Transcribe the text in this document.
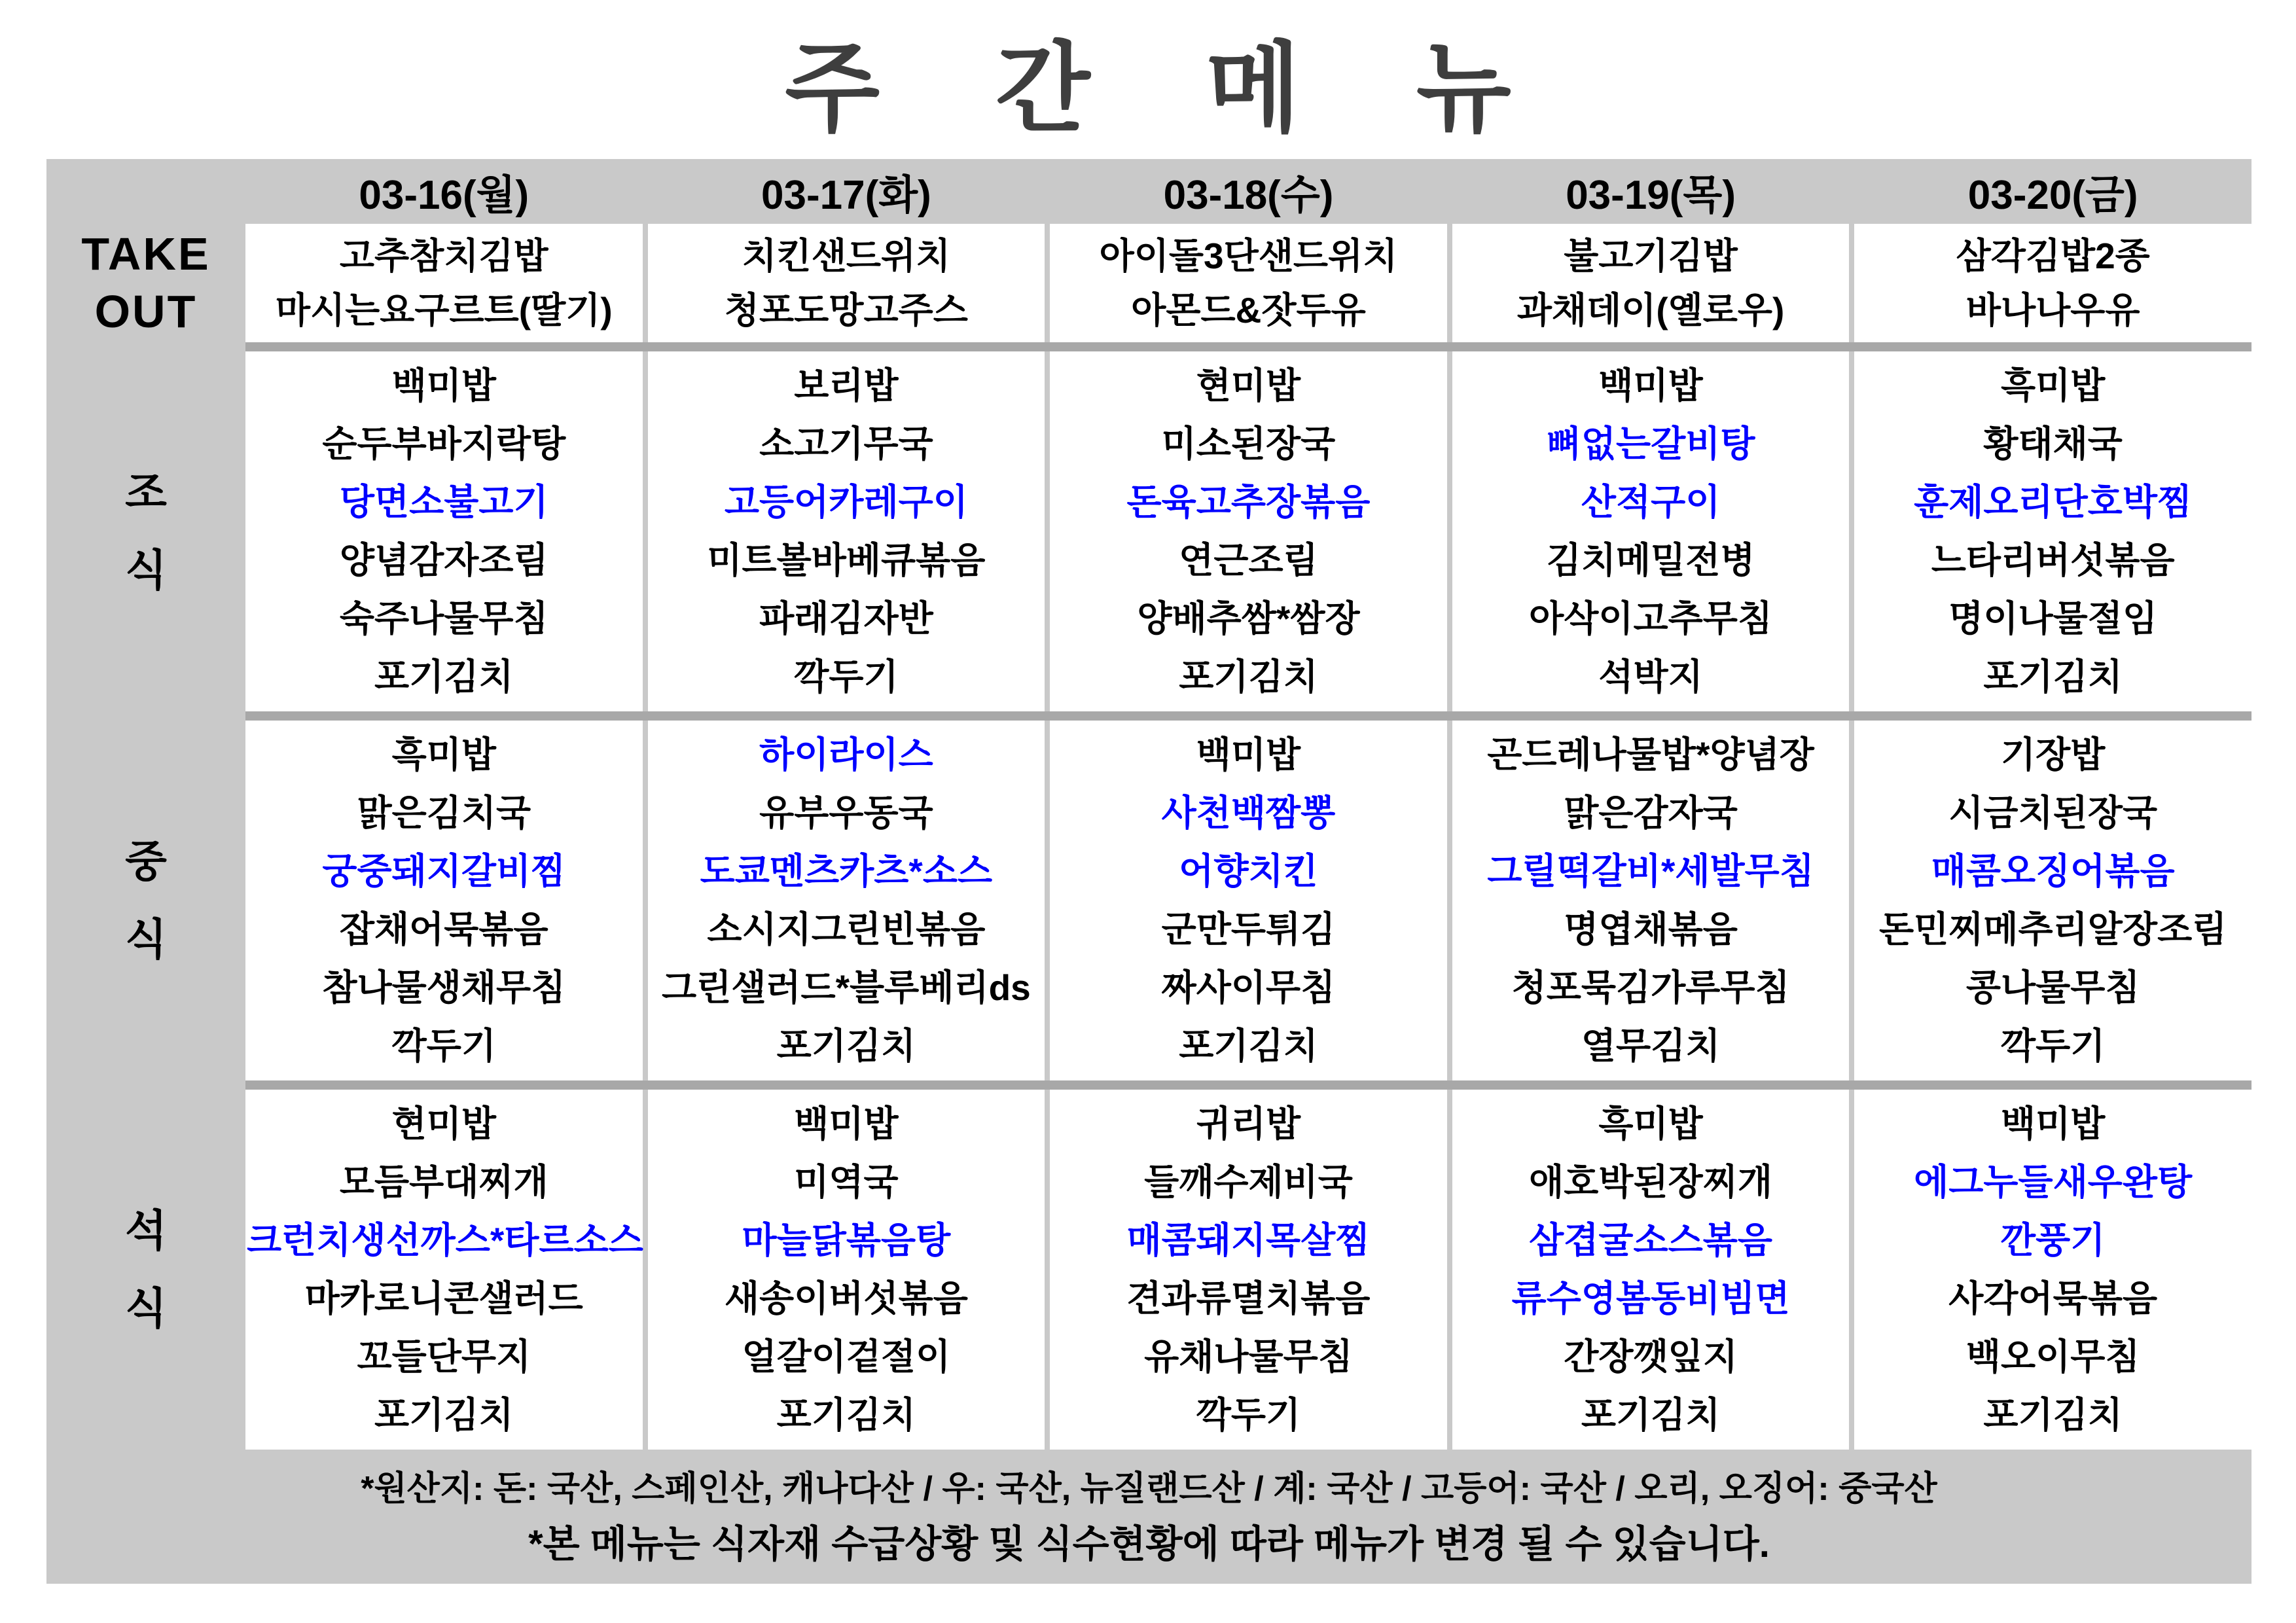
주 간 메 뉴
TAKE
OUT
조
식
중
식
석
식
03-16(월)
고추참치김밥
마시는요구르트(딸기)
백미밥
순두부바지락탕
당면소불고기
양념감자조림
숙주나물무침
포기김치
흑미밥
맑은김치국
궁중돼지갈비찜
잡채어묵볶음
참나물생채무침
깍두기
현미밥
모듬부대찌개
크런치생선까스*타르소스
마카로니콘샐러드
꼬들단무지
포기김치
03-17(화)
치킨샌드위치
청포도망고주스
보리밥
소고기무국
고등어카레구이
미트볼바베큐볶음
파래김자반
깍두기
하이라이스
유부우동국
도쿄멘츠카츠*소스
소시지그린빈볶음
그린샐러드*블루베리ds
포기김치
백미밥
미역국
마늘닭볶음탕
새송이버섯볶음
얼갈이겉절이
포기김치
03-18(수)
아이돌3단샌드위치
아몬드&잣두유
현미밥
미소된장국
돈육고추장볶음
연근조림
양배추쌈*쌈장
포기김치
백미밥
사천백짬뽕
어향치킨
군만두튀김
짜사이무침
포기김치
귀리밥
들깨수제비국
매콤돼지목살찜
견과류멸치볶음
유채나물무침
깍두기
03-19(목)
불고기김밥
과채데이(옐로우)
백미밥
뼈없는갈비탕
산적구이
김치메밀전병
아삭이고추무침
석박지
곤드레나물밥*양념장
맑은감자국
그릴떡갈비*세발무침
명엽채볶음
청포묵김가루무침
열무김치
흑미밥
애호박된장찌개
삼겹굴소스볶음
류수영봄동비빔면
간장깻잎지
포기김치
03-20(금)
삼각김밥2종
바나나우유
흑미밥
황태채국
훈제오리단호박찜
느타리버섯볶음
명이나물절임
포기김치
기장밥
시금치된장국
매콤오징어볶음
돈민찌메추리알장조림
콩나물무침
깍두기
백미밥
에그누들새우완탕
깐풍기
사각어묵볶음
백오이무침
포기김치
*원산지: 돈: 국산, 스페인산, 캐나다산 / 우: 국산, 뉴질랜드산 / 계: 국산 / 고등어: 국산 / 오리, 오징어: 중국산
*본 메뉴는 식자재 수급상황 및 식수현황에 따라 메뉴가 변경 될 수 있습니다.
